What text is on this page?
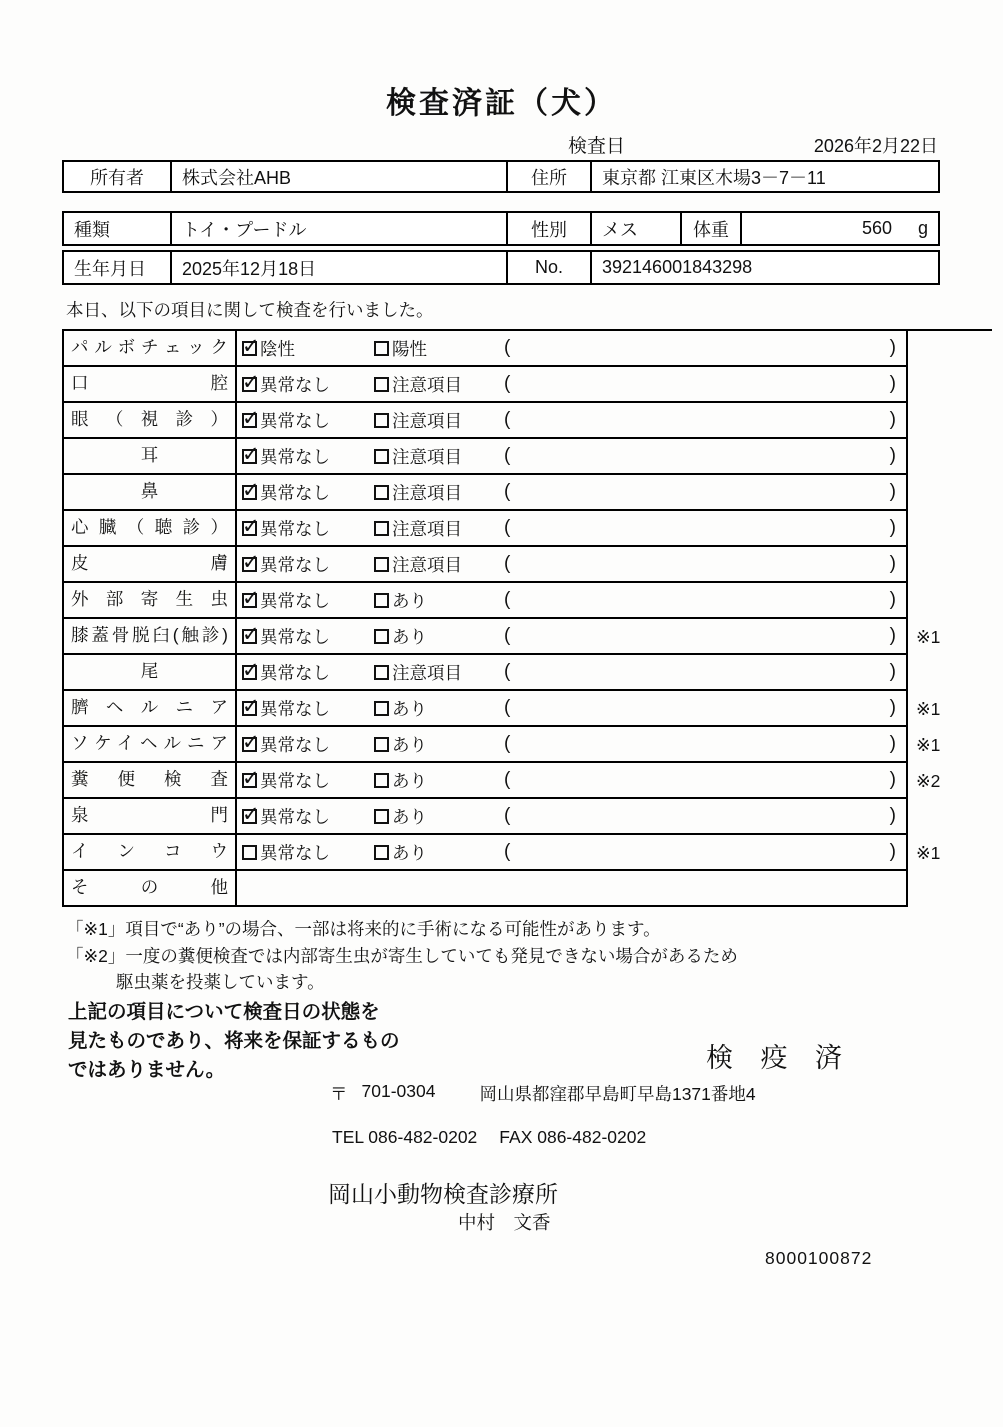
検査済証（犬）
検査日	2026年2月22日
所有者	株式会社AHB	住所	東京都 江東区木場3－7－11
種類	トイ・プードル	性別	メス	体重	560 g
生年月日	2025年12月18日	No.	392146001843298
本日、以下の項目に関して検査を行いました。
パルボチェック ✓	陰性	陽性	(	)
口腔 ✓	異常なし	注意項目 (	)
眼（視診） ✓	異常なし	注意項目 (	)
耳 ✓	異常なし	注意項目 (	)
鼻 ✓	異常なし	注意項目 (	)
心臓（聴診） ✓	異常なし	注意項目 (	)
皮膚 ✓	異常なし	注意項目 (	)
外部寄生虫 ✓	異常なし	あり	(	)
膝蓋骨脱臼(触診) ✓	異常なし	あり	(	)	※1
尾 ✓	異常なし	注意項目 (	)
臍ヘルニア ✓	異常なし	あり	(	)	※1
ソケイヘルニア ✓	異常なし	あり	(	)	※1
糞便検査 ✓	異常なし	あり	(	)	※2
泉門 ✓	異常なし	あり	(	)
インコウ	異常なし	あり	(	)	※1
その他
「※1」項目で“あり”の場合、一部は将来的に手術になる可能性があります。
「※2」一度の糞便検査では内部寄生虫が寄生していても発見できない場合があるため
駆虫薬を投薬しています。
上記の項目について検査日の状態を
見たものであり、将来を保証するもの
ではありません。	検 疫 済
〒 701-0304	岡山県都窪郡早島町早島1371番地4
TEL 086-482-0202 FAX 086-482-0202
岡山小動物検査診療所
中村　文香
8000100872
